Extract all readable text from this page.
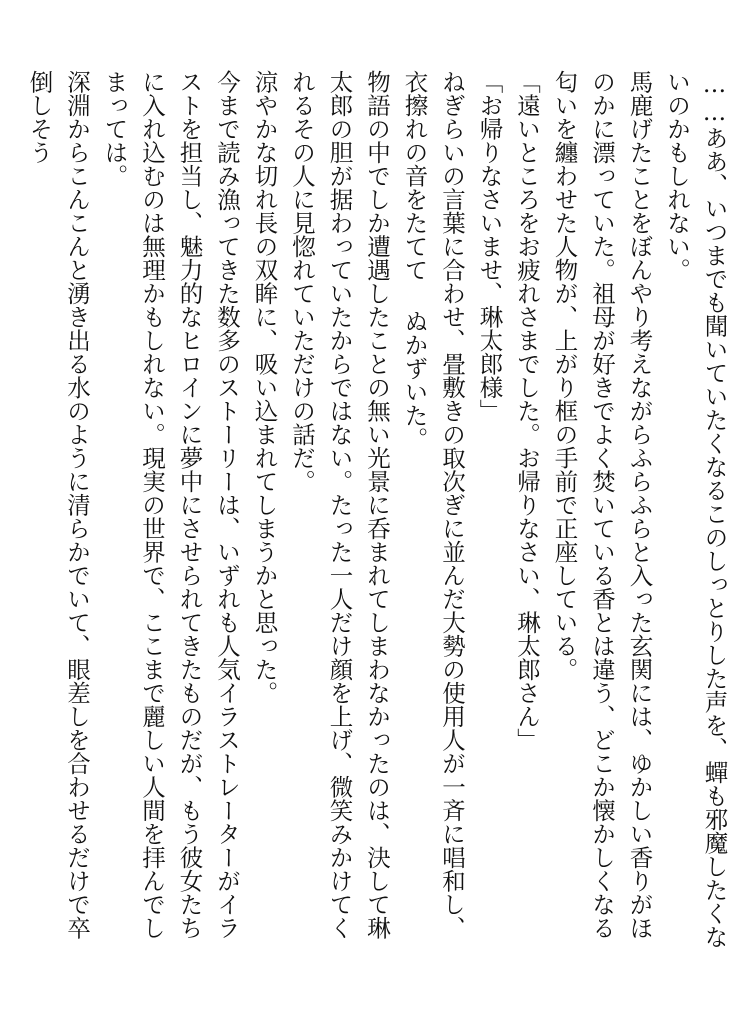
……ああ、いつまでも聞いていたくなるこのしっとりした声を、蟬も邪魔したくないのかもしれない。

馬鹿げたことをぼんやり考えながらふらふらと入った玄関には、ゆかしい香りがほのかに漂っていた。祖母が好きでよく焚いている香とは違う、どこか懐かしくなる匂いを纏わせた人物が、上がり框の手前で正座している。

「遠いところをお疲れさまでした。お帰りなさい、琳太郎さん」

「お帰りなさいませ、琳太郎様」

ねぎらいの言葉に合わせ、畳敷きの取次ぎに並んだ大勢の使用人が一斉に唱和し、衣擦れの音をたてて ぬかずいた。

物語の中でしか遭遇したことの無い光景に呑まれてしまわなかったのは、決して琳太郎の胆が据わっていたからではない。たった一人だけ顔を上げ、微笑みかけてくれるその人に見惚れていただけの話だ。

涼やかな切れ長の双眸に、吸い込まれてしまうかと思った。

今まで読み漁ってきた数多のストーリーは、いずれも人気イラストレーターがイラストを担当し、魅力的なヒロインに夢中にさせられてきたものだが、もう彼女たちに入れ込むのは無理かもしれない。現実の世界で、ここまで麗しい人間を拝んでしまっては。

深淵からこんこんと湧き出る水のように清らかでいて、眼差しを合わせるだけで卒倒しそう
